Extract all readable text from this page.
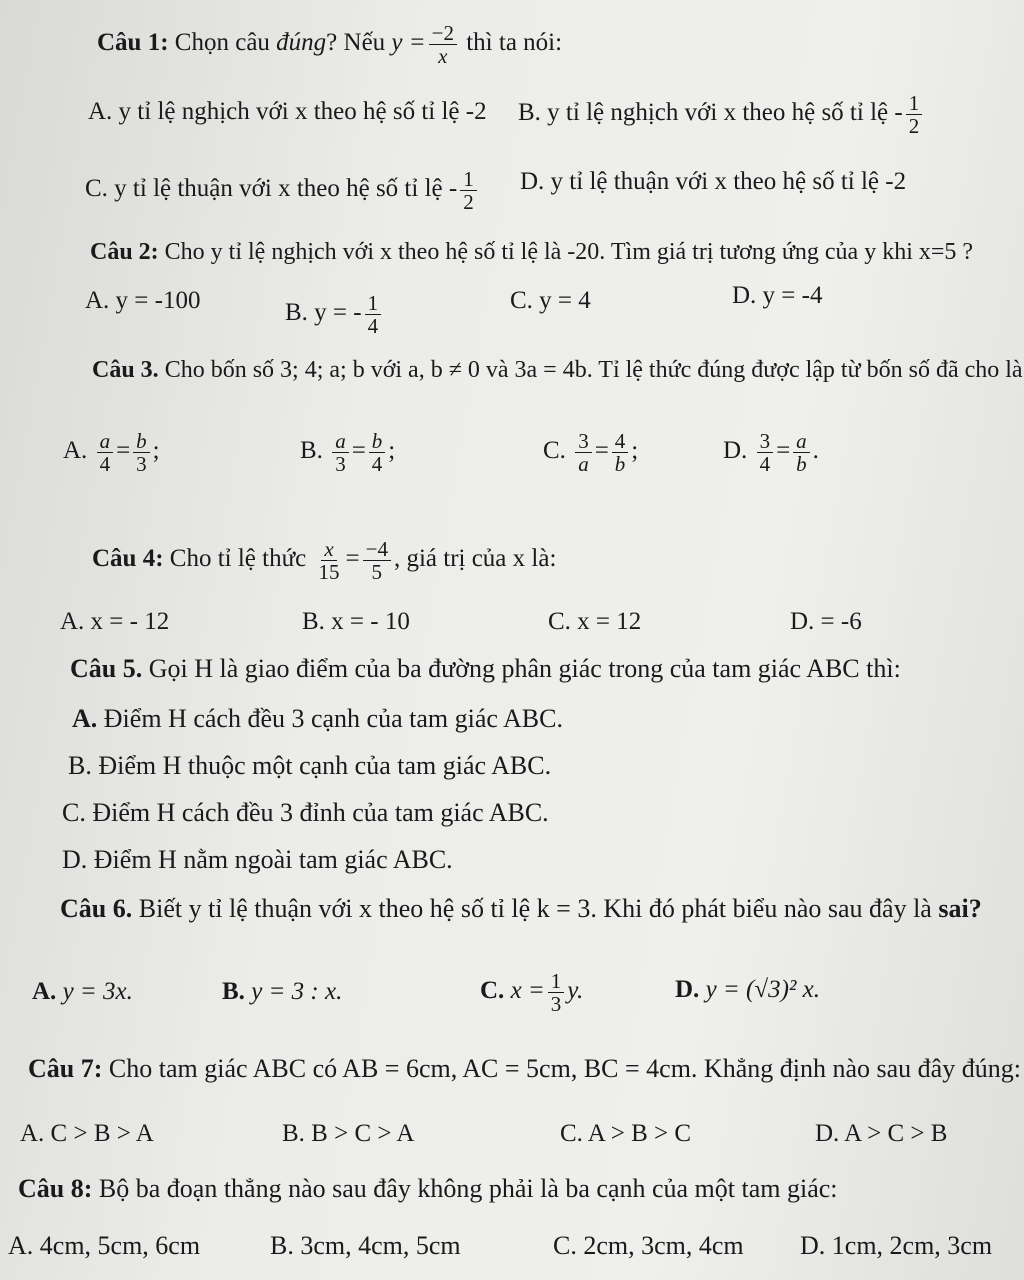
Câu 1: Chọn câu đúng? Nếu $y = \frac{-2}{x}$ thì ta nói:
A. y tỉ lệ nghịch với x theo hệ số tỉ lệ -2 B. y tỉ lệ nghịch với x theo hệ số tỉ lệ - $\frac{1}{2}$
C. y tỉ lệ thuận với x theo hệ số tỉ lệ - $\frac{1}{2} D$. y tỉ lệ thuận với x theo hệ số tỉ lệ -2
Câu 2: Cho y tỉ lệ nghịch với x theo hệ số tỉ lệ là -20. Tìm giá trị tương ứng của y khi x=5 ?
A. y = -100	B. y = - $\frac{1}{4}$	C. y = 4	D. y = -4
Câu 3. Cho bốn số 3; 4; a; b với a, b ≠ 0 và 3a = 4b. Tỉ lệ thức đúng được lập từ bốn số đã cho là
A. $\frac{a}{4} = \frac{b}{3}$ ;	B. $\frac{a}{3} = \frac{b}{4}$ ;	C. $\frac{3}{a} = \frac{4}{b}$ ;	D. $\frac{3}{4} = \frac{a}{b}$ .
Câu 4: Cho tỉ lệ thức $\frac{x}{15} = \frac{-4}{5}$ , giá trị của x là:
A. x = - 12	B. x = - 10	C. x = 12	D. = -6
Câu 5. Gọi H là giao điểm của ba đường phân giác trong của tam giác ABC thì:
A. Điểm H cách đều 3 cạnh của tam giác ABC.
B. Điểm H thuộc một cạnh của tam giác ABC.
C. Điểm H cách đều 3 đỉnh của tam giác ABC.
D. Điểm H nằm ngoài tam giác ABC.
Câu 6. Biết y tỉ lệ thuận với x theo hệ số tỉ lệ k = 3. Khi đó phát biểu nào sau đây là sai?
A. y = 3x.	B. y = 3 : x.	C. $x = \frac{1}{3} y$.	D. y = (√3)² x.
Câu 7: Cho tam giác ABC có AB = 6cm, AC = 5cm, BC = 4cm. Khẳng định nào sau đây đúng:
A. C > B > A	B. B > C > A	C. A > B > C	D. A > C > B
Câu 8: Bộ ba đoạn thẳng nào sau đây không phải là ba cạnh của một tam giác:
A. 4cm, 5cm, 6cm	B. 3cm, 4cm, 5cm	C. 2cm, 3cm, 4cm D. 1cm, 2cm, 3cm
